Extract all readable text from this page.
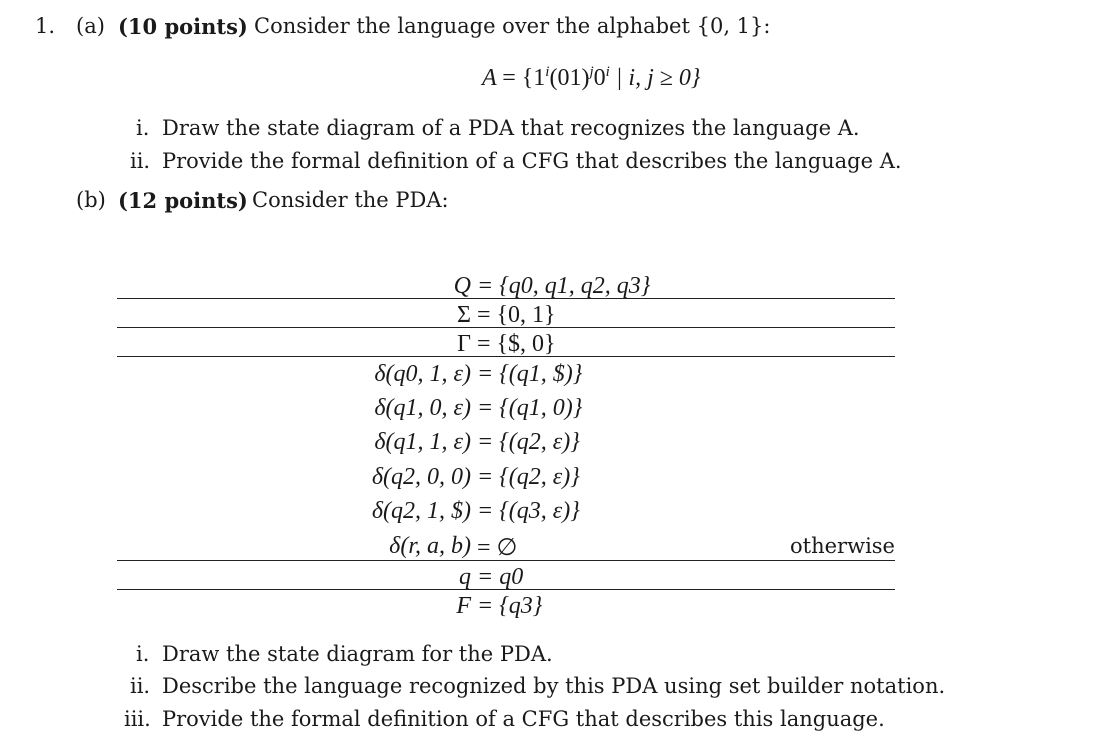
1. (a) (10 points) Consider the language over the alphabet {0, 1}:
$A = \{1^i(01)^j0^i$ | i, j ≥ 0}
i. Draw the state diagram of a PDA that recognizes the language A.
ii. Provide the formal definition of a CFG that describes the language A.
(b) (12 points) Consider the PDA:
Q = {q0, q1, q2, q3}
Σ = {0, 1}
Γ = {$, 0}
δ(q0, 1, ε) = {(q1, $)}
δ(q1, 0, ε) = {(q1, 0)}
δ(q1, 1, ε) = {(q2, ε)}
δ(q2, 0, 0) = {(q2, ε)}
δ(q2, 1, $) = {(q3, ε)}
δ(r, a, b) = ∅	otherwise
q = q0
F = {q3}
i. Draw the state diagram for the PDA.
ii. Describe the language recognized by this PDA using set builder notation.
iii. Provide the formal definition of a CFG that describes this language.
